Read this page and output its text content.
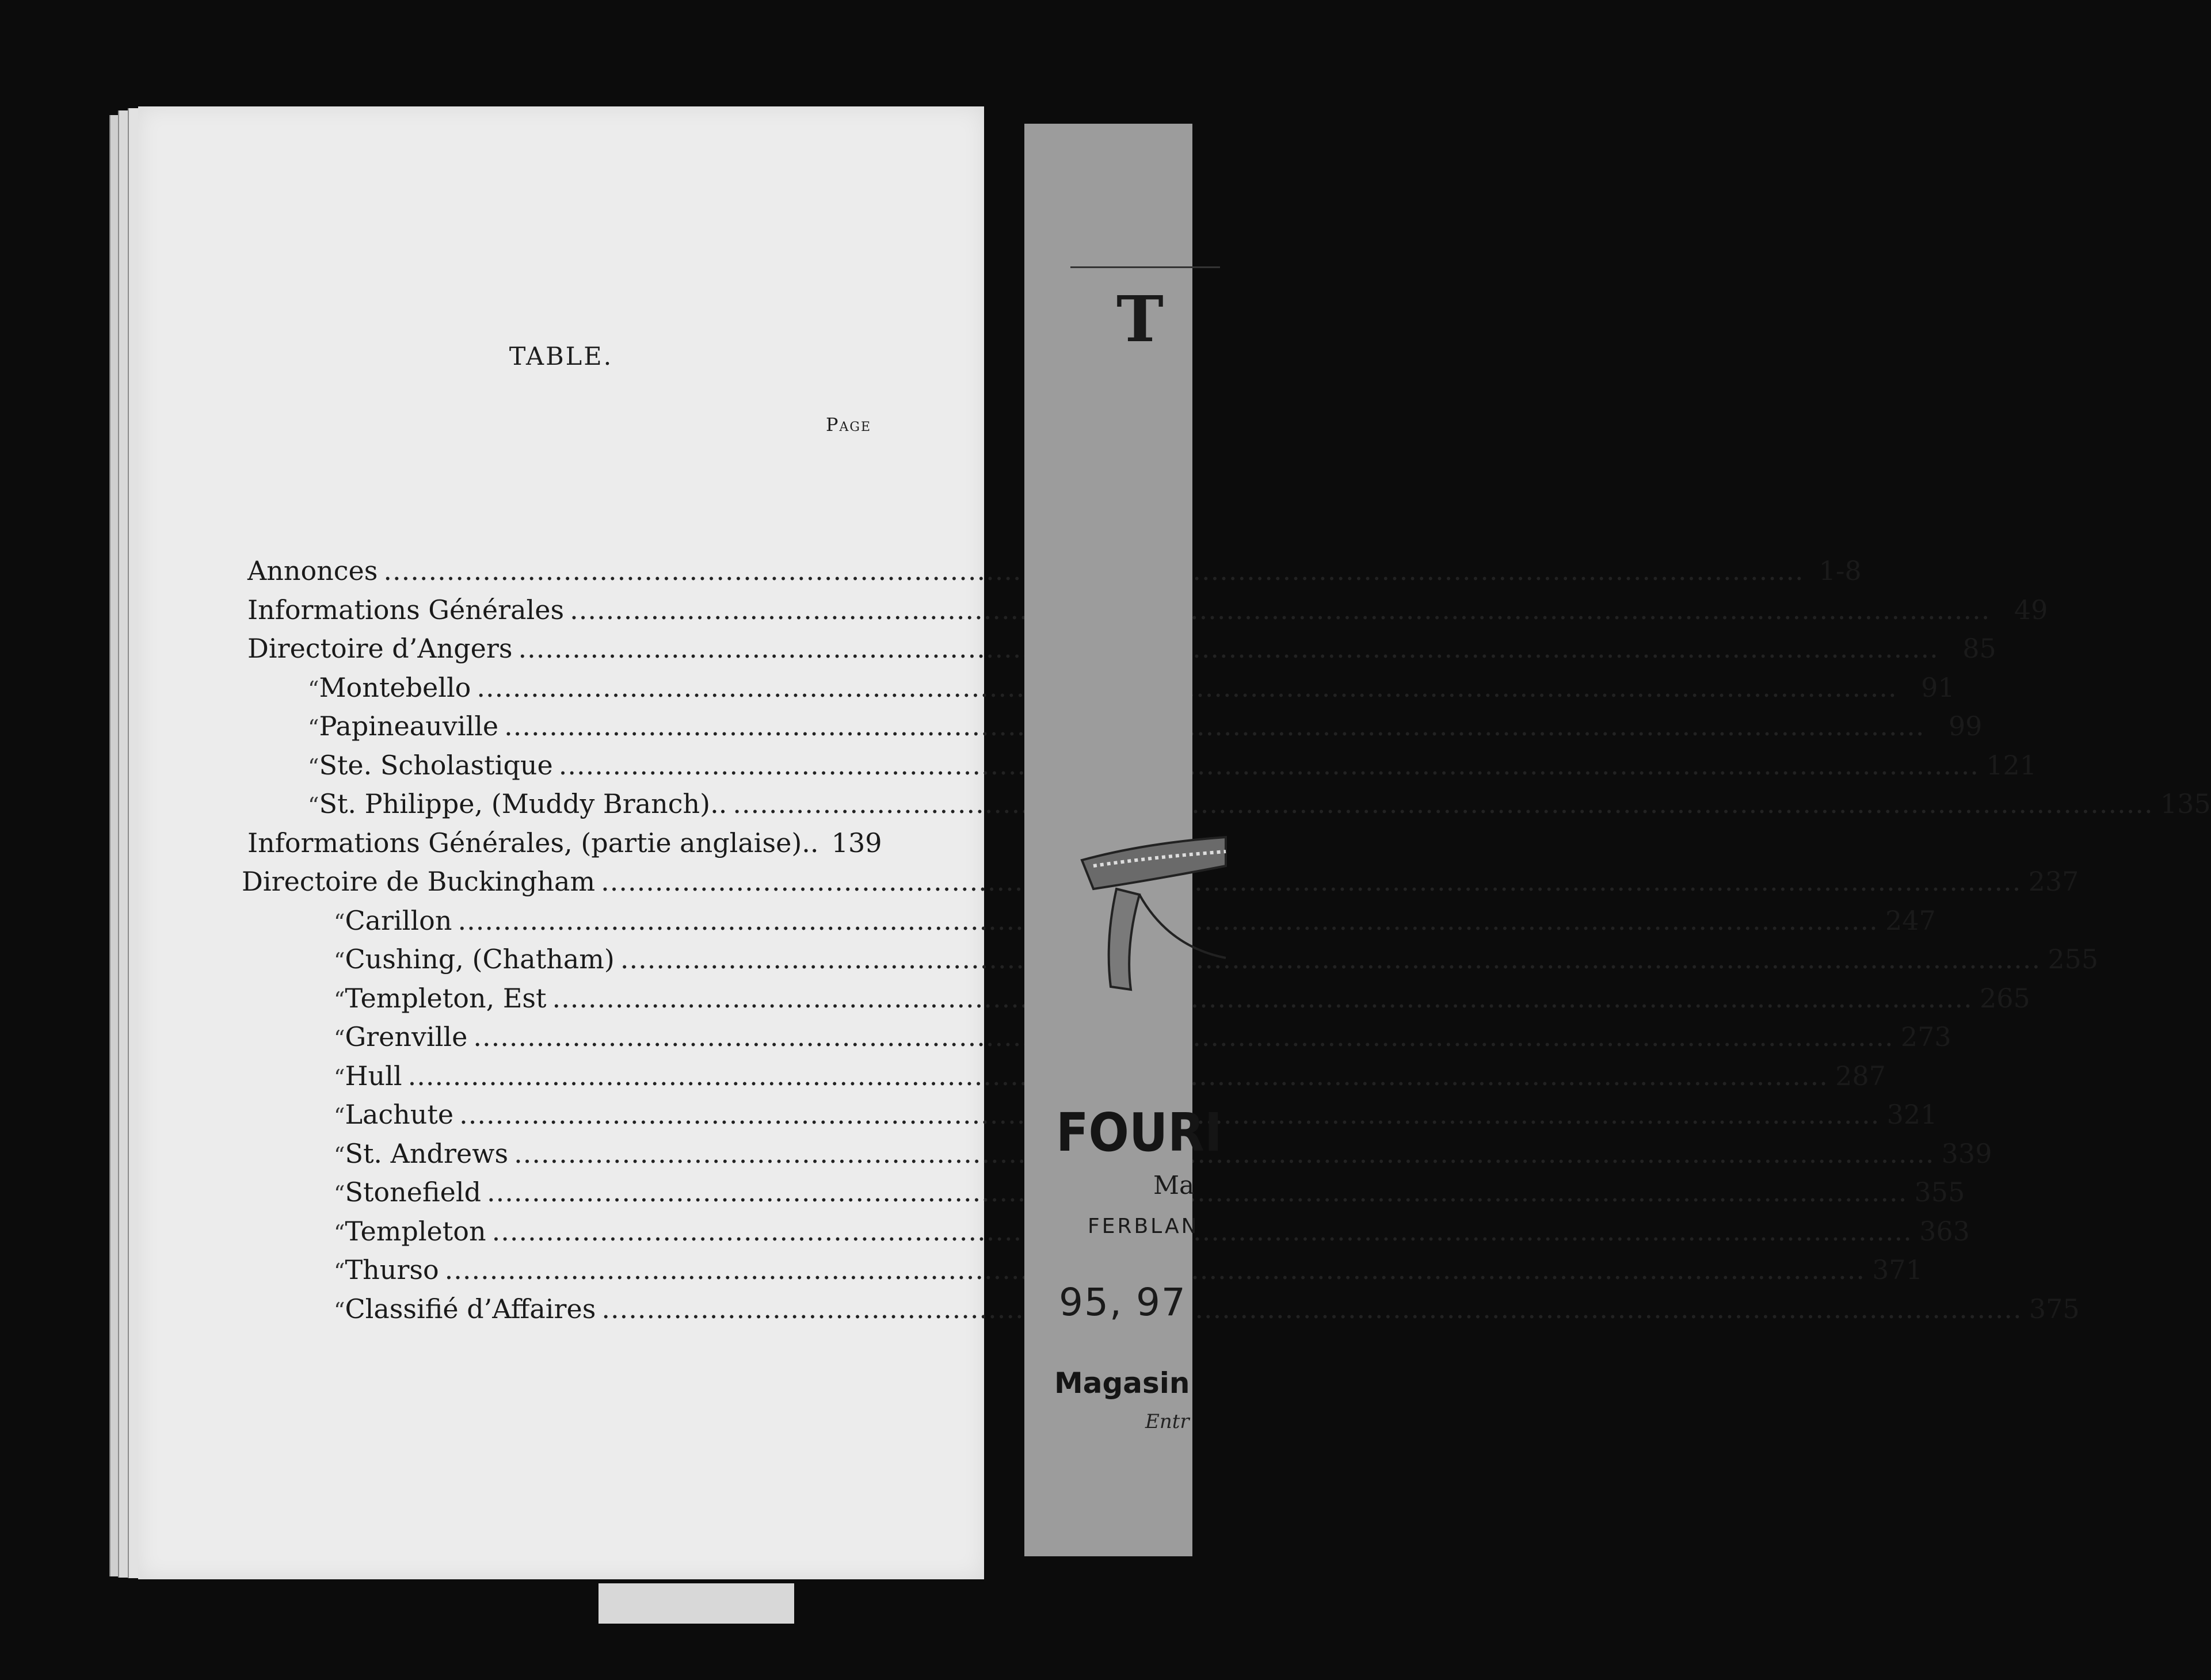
TABLE.
Page
Annonces .....	1-8
Informations Générales .....	49
Directoire d’Angers .....	85
“ Montebello .....	91
“ Papineauville .....	99
“ Ste. Scholastique .....	121
“ St. Philippe, (Muddy Branch).. .....	135
Informations Générales, (partie anglaise).. 139
Directoire de Buckingham .....	237
“ Carillon .....	247
“ Cushing, (Chatham) .....	255
“ Templeton, Est .....	265
“ Grenville .....	273
“ Hull .....	287
“ Lachute .....	321
“ St. Andrews .....	339
“ Stonefield .....	355
“ Templeton .....	363
“ Thurso .....	371
“ Classifié d’Affaires .....	375
T
FOURI
Ma
FERBLAN
95, 97
Magasin
Entr
